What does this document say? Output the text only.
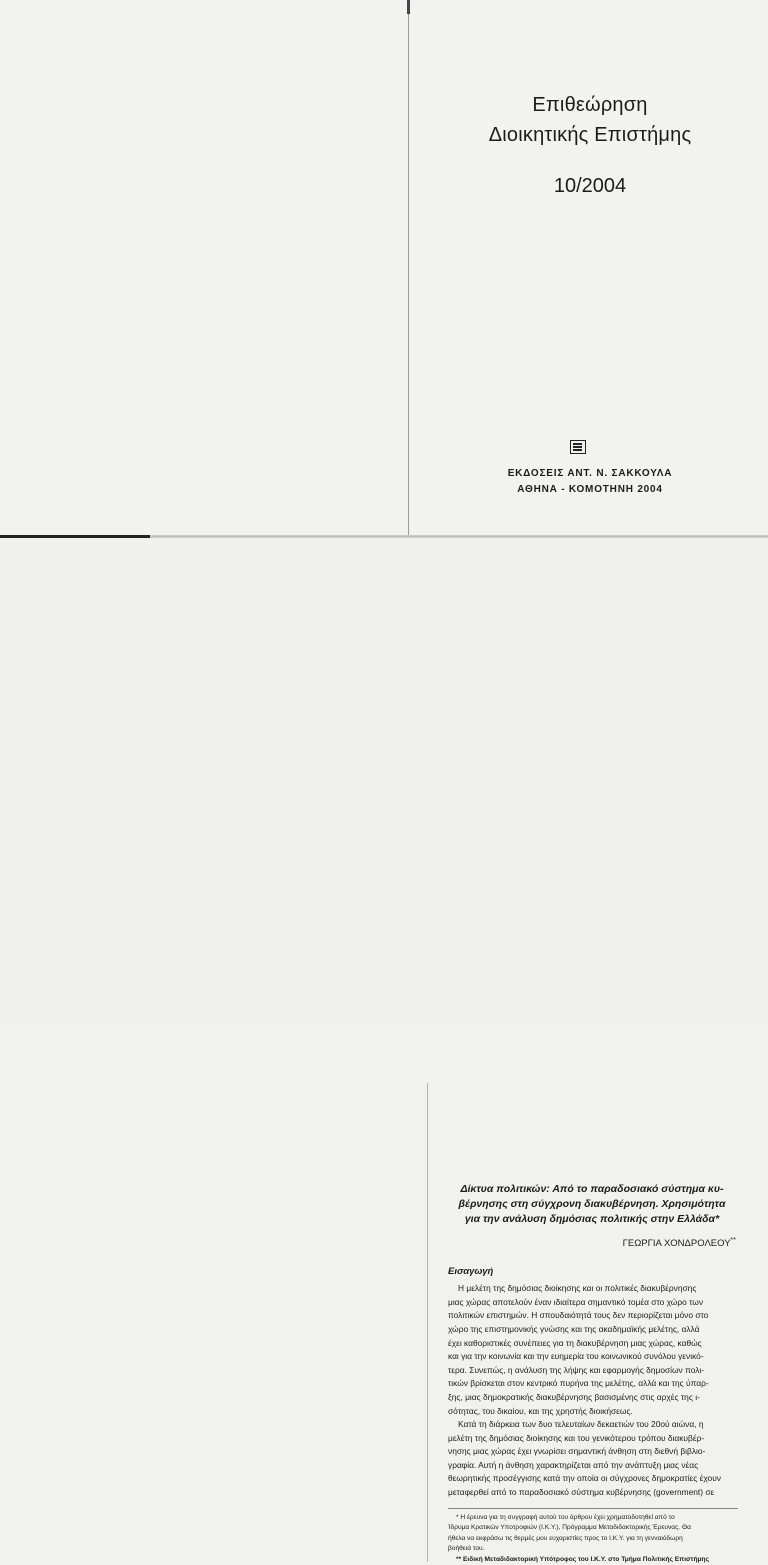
Επιθεώρηση
Διοικητικής Επιστήμης
10/2004
ΕΚΔΟΣΕΙΣ ΑΝΤ. Ν. ΣΑΚΚΟΥΛΑ
ΑΘΗΝΑ - ΚΟΜΟΤΗΝΗ 2004
Δίκτυα πολιτικών: Από το παραδοσιακό σύστημα κυ-
βέρνησης στη σύγχρονη διακυβέρνηση. Χρησιμότητα
για την ανάλυση δημόσιας πολιτικής στην Ελλάδα*
ΓΕΩΡΓΙΑ ΧΟΝΔΡΟΛΕΟΥ**
Εισαγωγή
Η μελέτη της δημόσιας διοίκησης και οι πολιτικές διακυβέρνησης
μιας χώρας αποτελούν έναν ιδιαίτερα σημαντικό τομέα στο χώρο των
πολιτικών επιστημών. Η σπουδαιότητά τους δεν περιορίζεται μόνο στο
χώρο της επιστημονικής γνώσης και της ακαδημαϊκής μελέτης, αλλά
έχει καθοριστικές συνέπειες για τη διακυβέρνηση μιας χώρας, καθώς
και για την κοινωνία και την ευημερία του κοινωνικού συνόλου γενικό-
τερα. Συνεπώς, η ανάλυση της λήψης και εφαρμογής δημοσίων πολι-
τικών βρίσκεται στον κεντρικό πυρήνα της μελέτης, αλλά και της ύπαρ-
ξης, μιας δημοκρατικής διακυβέρνησης βασισμένης στις αρχές της ι-
σότητας, του δικαίου, και της χρηστής διοικήσεως.
Κατά τη διάρκεια των δυο τελευταίων δεκαετιών του 20ού αιώνα, η
μελέτη της δημόσιας διοίκησης και του γενικότερου τρόπου διακυβέρ-
νησης μιας χώρας έχει γνωρίσει σημαντική άνθηση στη διεθνή βιβλιο-
γραφία. Αυτή η άνθηση χαρακτηρίζεται από την ανάπτυξη μιας νέας
θεωρητικής προσέγγισης κατά την οποία οι σύγχρονες δημοκρατίες έχουν
μεταφερθεί από το παραδοσιακό σύστημα κυβέρνησης (government) σε
* Η έρευνα για τη συγγραφή αυτού του άρθρου έχει χρηματοδοτηθεί από το
Ίδρυμα Κρατικών Υποτροφιών (Ι.Κ.Υ.), Πρόγραμμα Μεταδιδακτορικής Έρευνας. Θα
ήθελα να εκφράσω τις θερμές μου ευχαριστίες προς το Ι.Κ.Υ. για τη γενναιόδωρη
βοήθειά του.
** Ειδική Μεταδιδακτορική Υπότροφος του Ι.Κ.Υ. στο Τμήμα Πολιτικής Επιστήμης
